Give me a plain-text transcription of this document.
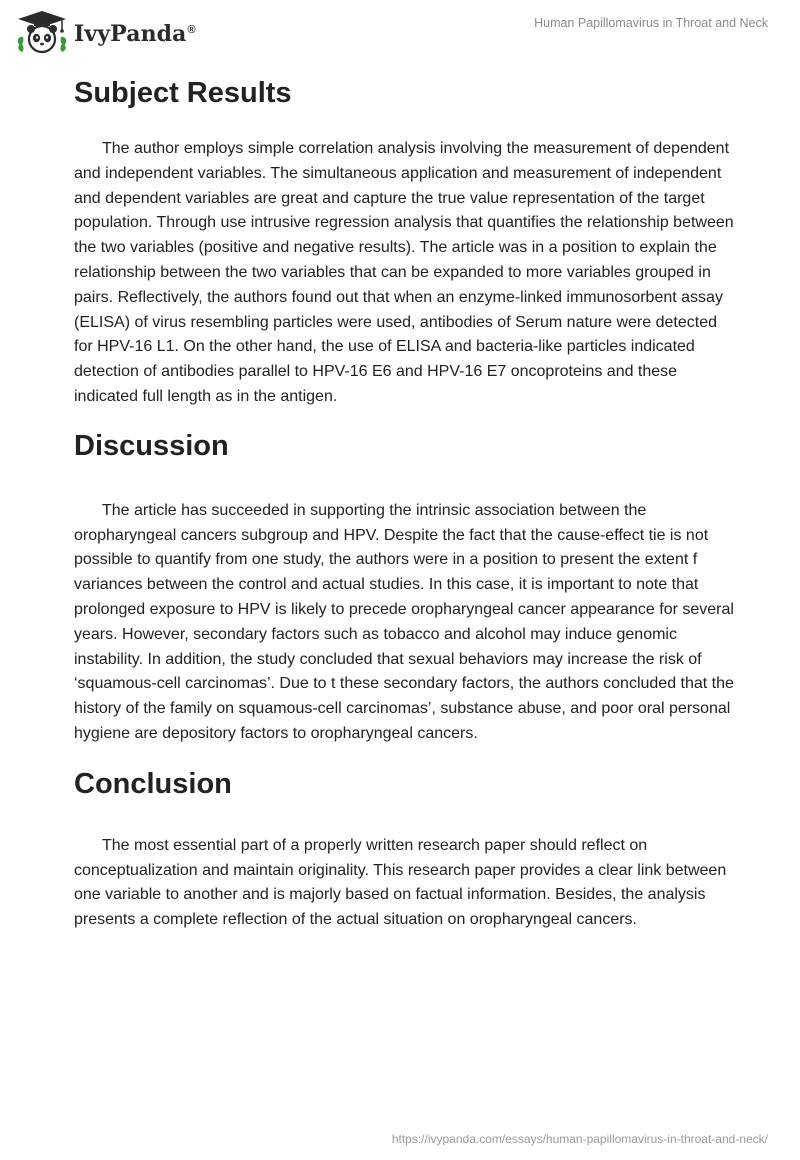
IvyPanda®	Human Papillomavirus in Throat and Neck
Subject Results

The author employs simple correlation analysis involving the measurement of dependent and independent variables. The simultaneous application and measurement of independent and dependent variables are great and capture the true value representation of the target population. Through use intrusive regression analysis that quantifies the relationship between the two variables (positive and negative results). The article was in a position to explain the relationship between the two variables that can be expanded to more variables grouped in pairs. Reflectively, the authors found out that when an enzyme-linked immunosorbent assay (ELISA) of virus resembling particles were used, antibodies of Serum nature were detected for HPV-16 L1. On the other hand, the use of ELISA and bacteria-like particles indicated detection of antibodies parallel to HPV-16 E6 and HPV-16 E7 oncoproteins and these indicated full length as in the antigen.

Discussion

The article has succeeded in supporting the intrinsic association between the oropharyngeal cancers subgroup and HPV. Despite the fact that the cause-effect tie is not possible to quantify from one study, the authors were in a position to present the extent f variances between the control and actual studies. In this case, it is important to note that prolonged exposure to HPV is likely to precede oropharyngeal cancer appearance for several years. However, secondary factors such as tobacco and alcohol may induce genomic instability. In addition, the study concluded that sexual behaviors may increase the risk of ‘squamous-cell carcinomas’. Due to t these secondary factors, the authors concluded that the history of the family on squamous-cell carcinomas’, substance abuse, and poor oral personal hygiene are depository factors to oropharyngeal cancers.

Conclusion

The most essential part of a properly written research paper should reflect on conceptualization and maintain originality. This research paper provides a clear link between one variable to another and is majorly based on factual information. Besides, the analysis presents a complete reflection of the actual situation on oropharyngeal cancers.

https://ivypanda.com/essays/human-papillomavirus-in-throat-and-neck/
